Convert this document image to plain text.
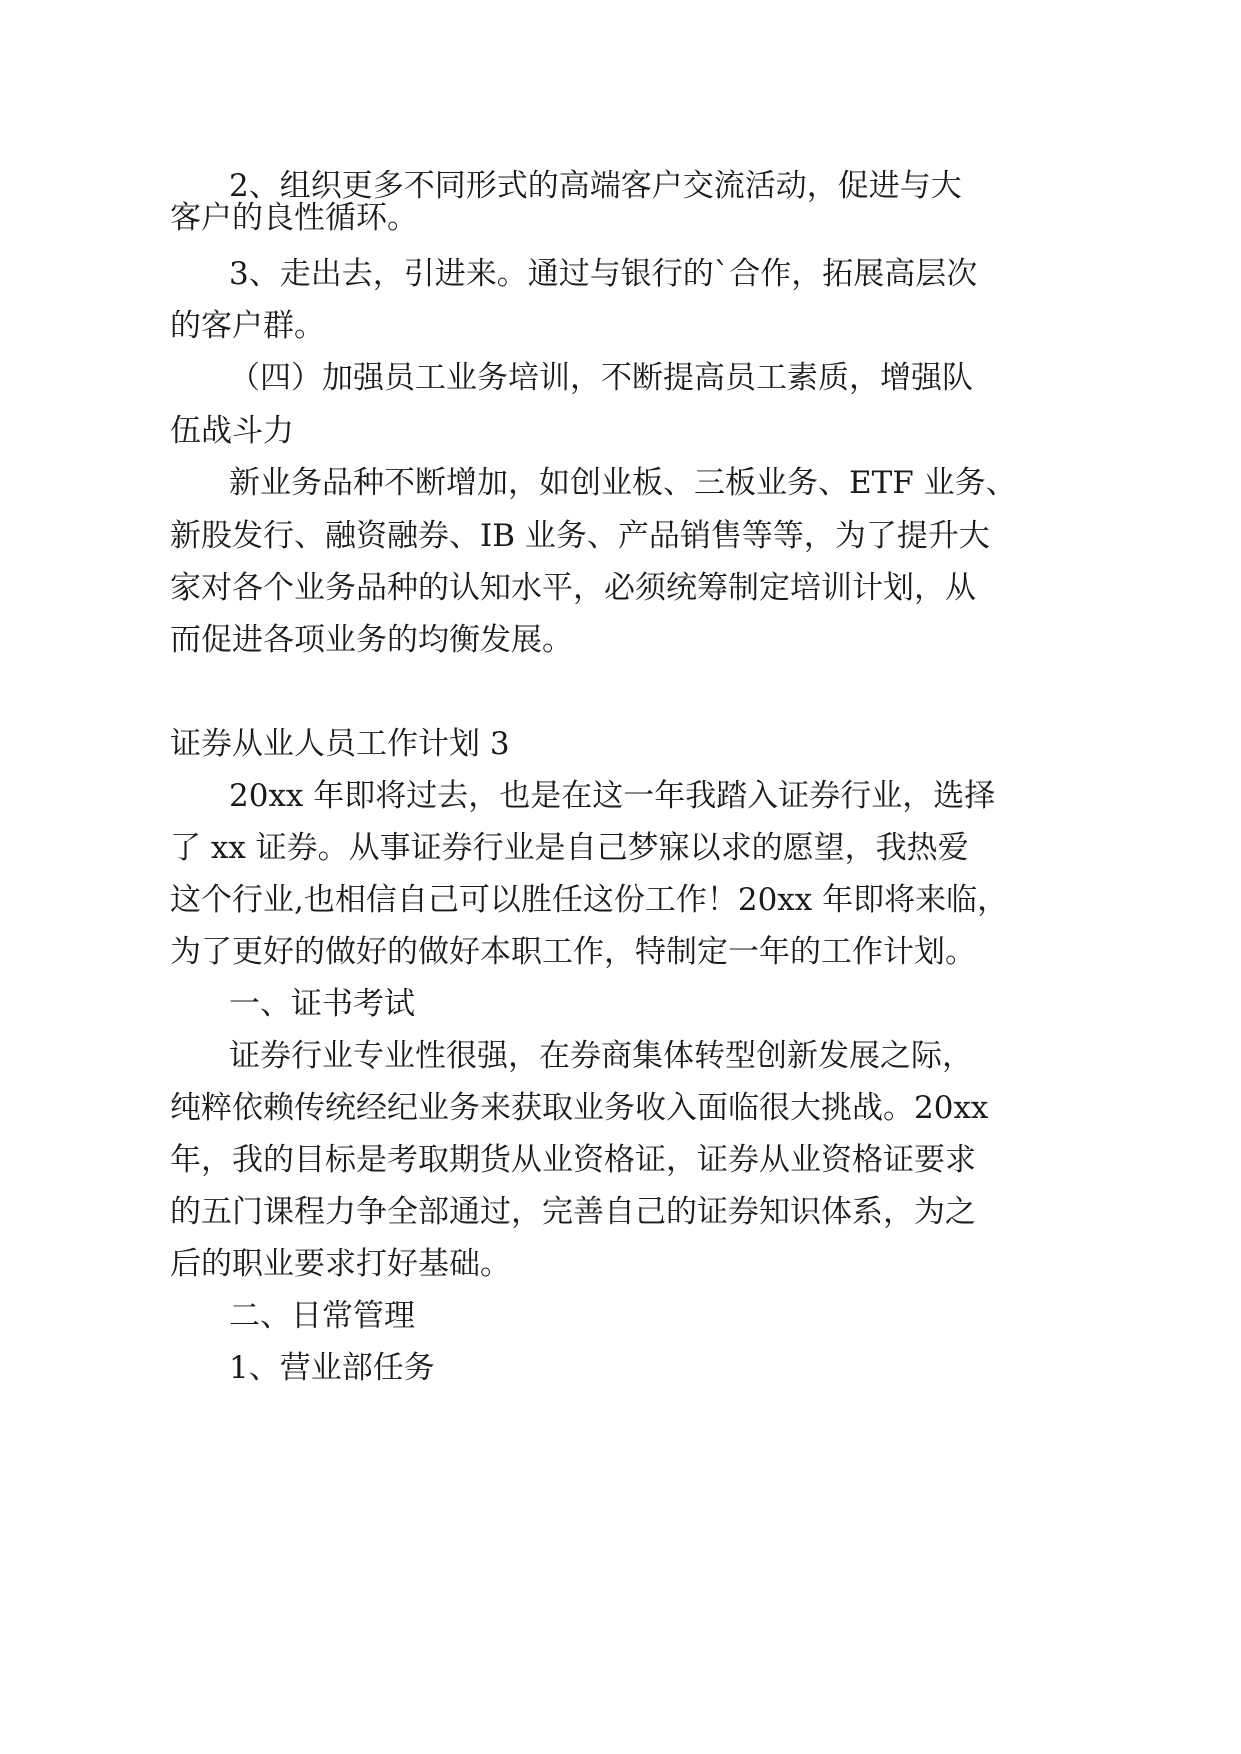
2、组织更多不同形式的高端客户交流活动，促进与大
客户的良性循环。
3、走出去，引进来。通过与银行的`合作，拓展高层次
的客户群。
（四）加强员工业务培训，不断提高员工素质，增强队
伍战斗力
新业务品种不断增加，如创业板、三板业务、ETF 业务、
新股发行、融资融券、IB 业务、产品销售等等，为了提升大
家对各个业务品种的认知水平，必须统筹制定培训计划，从
而促进各项业务的均衡发展。
证券从业人员工作计划 3
20xx 年即将过去，也是在这一年我踏入证券行业，选择
了 xx 证券。从事证券行业是自己梦寐以求的愿望，我热爱
这个行业,也相信自己可以胜任这份工作！20xx 年即将来临，
为了更好的做好的做好本职工作，特制定一年的工作计划。
一、证书考试
证券行业专业性很强，在券商集体转型创新发展之际，
纯粹依赖传统经纪业务来获取业务收入面临很大挑战。20xx
年，我的目标是考取期货从业资格证，证券从业资格证要求
的五门课程力争全部通过，完善自己的证券知识体系，为之
后的职业要求打好基础。
二、日常管理
1、营业部任务
